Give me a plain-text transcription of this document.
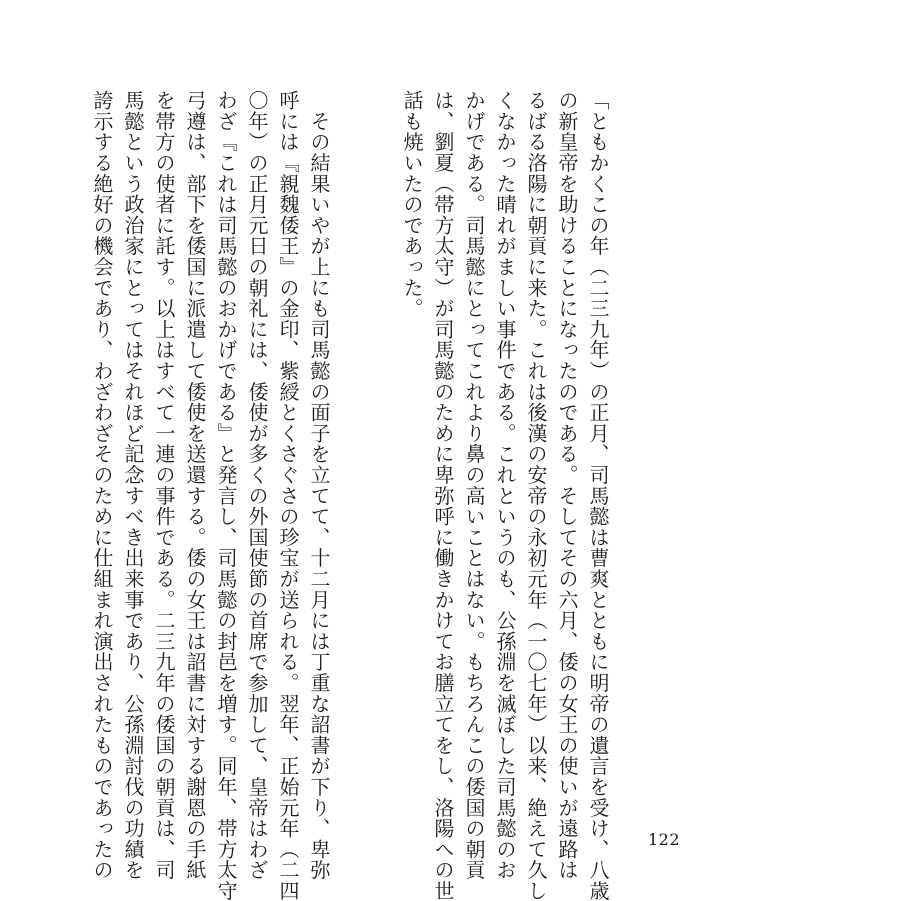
「ともかくこの年（二三九年）の正月、司馬懿は曹爽とともに明帝の遺言を受け、八歳
の新皇帝を助けることになったのである。そしてその六月、倭の女王の使いが遠路は
るばる洛陽に朝貢に来た。これは後漢の安帝の永初元年（一〇七年）以来、絶えて久し
くなかった晴れがましい事件である。これというのも、公孫淵を滅ぼした司馬懿のお
かげである。司馬懿にとってこれより鼻の高いことはない。もちろんこの倭国の朝貢
は、劉夏（帯方太守）が司馬懿のために卑弥呼に働きかけてお膳立てをし、洛陽への世
話も焼いたのであった。

　その結果いやが上にも司馬懿の面子を立てて、十二月には丁重な詔書が下り、卑弥
呼には『親魏倭王』の金印、紫綬とくさぐさの珍宝が送られる。翌年、正始元年（二四
〇年）の正月元日の朝礼には、倭使が多くの外国使節の首席で参加して、皇帝はわざ
わざ『これは司馬懿のおかげである』と発言し、司馬懿の封邑を増す。同年、帯方太守
弓遵は、部下を倭国に派遣して倭使を送還する。倭の女王は詔書に対する謝恩の手紙
を帯方の使者に託す。以上はすべて一連の事件である。二三九年の倭国の朝貢は、司
馬懿という政治家にとってはそれほど記念すべき出来事であり、公孫淵討伐の功績を
誇示する絶好の機会であり、わざわざそのために仕組まれ演出されたものであったの

	122
